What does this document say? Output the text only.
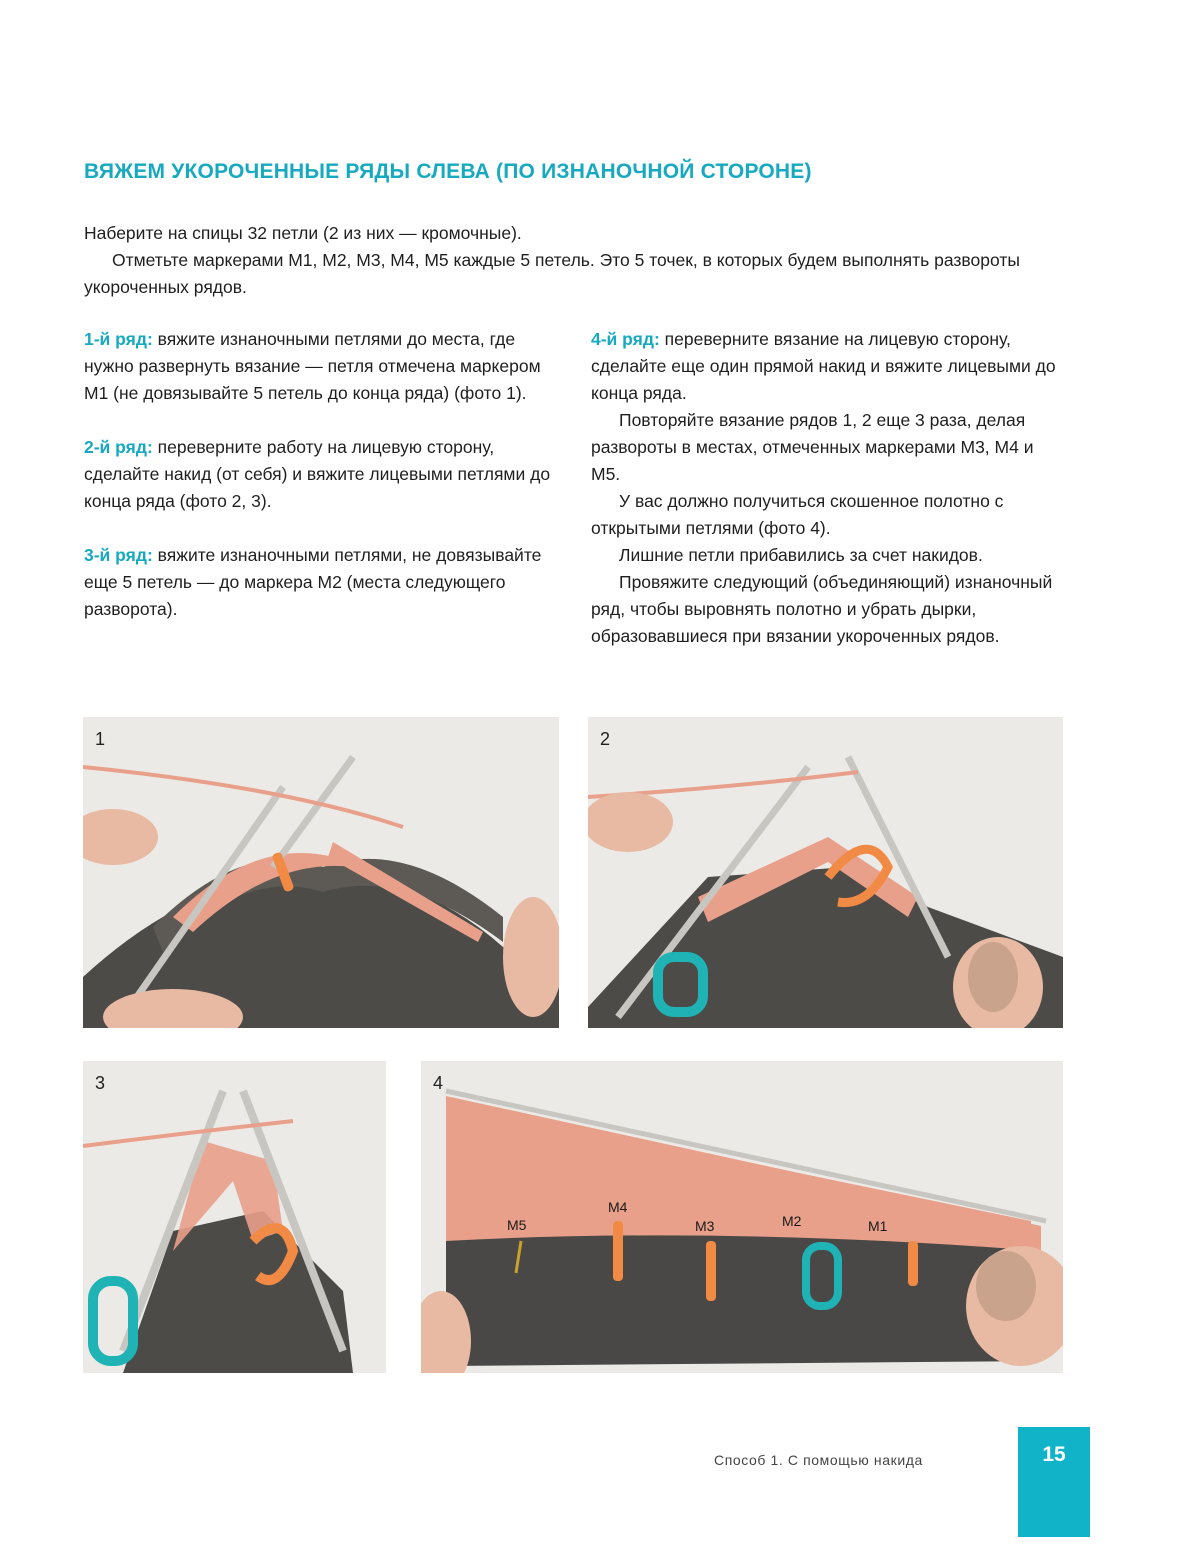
ВЯЖЕМ УКОРОЧЕННЫЕ РЯДЫ СЛЕВА (ПО ИЗНАНОЧНОЙ СТОРОНЕ)

Наберите на спицы 32 петли (2 из них — кромочные).

Отметьте маркерами М1, М2, М3, М4, М5 каждые 5 петель. Это 5 точек, в которых будем выполнять развороты укороченных рядов.

1-й ряд: вяжите изнаночными петлями до места, где нужно развернуть вязание — петля отмечена маркером М1 (не довязывайте 5 петель до конца ряда) (фото 1).

2-й ряд: переверните работу на лицевую сторону, сделайте накид (от себя) и вяжите лицевыми петлями до конца ряда (фото 2, 3).

3-й ряд: вяжите изнаночными петлями, не довязывайте еще 5 петель — до маркера М2 (места следующего разворота).

4-й ряд: переверните вязание на лицевую сторону, сделайте еще один прямой накид и вяжите лицевыми до конца ряда.

Повторяйте вязание рядов 1, 2 еще 3 раза, делая развороты в местах, отмеченных маркерами М3, М4 и М5.

У вас должно получиться скошенное полотно с открытыми петлями (фото 4).

Лишние петли прибавились за счет накидов.

Провяжите следующий (объединяющий) изнаночный ряд, чтобы выровнять полотно и убрать дырки, образовавшиеся при вязании укороченных рядов.

1	2
3	4
М5
М4
М3	М2	М1
Способ 1. С помощью накида	15
